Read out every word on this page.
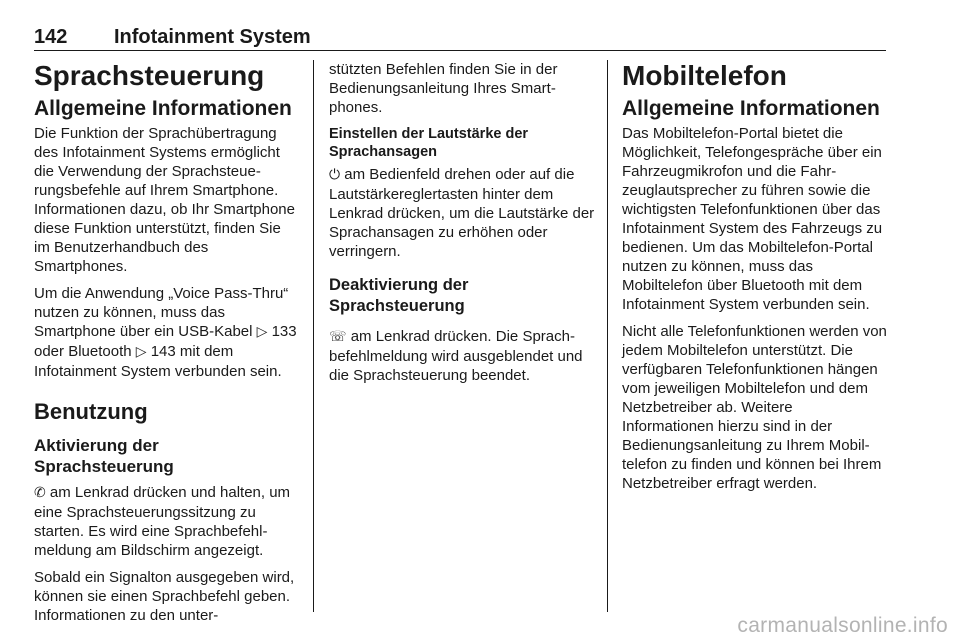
142 Infotainment System
Sprachsteuerung
Allgemeine Informationen

Die Funktion der Sprachübertragung des Infotainment Systems ermöglicht die Verwendung der Sprachsteuerungsbefehle auf Ihrem Smartphone. Informationen dazu, ob Ihr Smartphone diese Funktion unterstützt, finden Sie im Benutzerhandbuch des Smartphones.

Um die Anwendung „Voice Pass-Thru“ nutzen zu können, muss das Smartphone über ein USB-Kabel ▷ 133 oder Bluetooth ▷ 143 mit dem Infotainment System verbunden sein.

Benutzung
Aktivierung der Sprachsteuerung

✆ am Lenkrad drücken und halten, um eine Sprachsteuerungssitzung zu starten. Es wird eine Sprachbefehlmeldung am Bildschirm angezeigt.

Sobald ein Signalton ausgegeben wird, können sie einen Sprachbefehl geben. Informationen zu den unter-

stützten Befehlen finden Sie in der Bedienungsanleitung Ihres Smartphones.

Einstellen der Lautstärke der Sprachansagen

⏻ am Bedienfeld drehen oder auf die Lautstärkereglertasten hinter dem Lenkrad drücken, um die Lautstärke der Sprachansagen zu erhöhen oder verringern.

Deaktivierung der Sprachsteuerung

☏ am Lenkrad drücken. Die Sprachbefehlmeldung wird ausgeblendet und die Sprachsteuerung beendet.

Mobiltelefon
Allgemeine Informationen

Das Mobiltelefon-Portal bietet die Möglichkeit, Telefongespräche über ein Fahrzeugmikrofon und die Fahrzeuglautsprecher zu führen sowie die wichtigsten Telefonfunktionen über das Infotainment System des Fahrzeugs zu bedienen. Um das Mobiltelefon-Portal nutzen zu können, muss das Mobiltelefon über Bluetooth mit dem Infotainment System verbunden sein.

Nicht alle Telefonfunktionen werden von jedem Mobiltelefon unterstützt. Die verfügbaren Telefonfunktionen hängen vom jeweiligen Mobiltelefon und dem Netzbetreiber ab. Weitere Informationen hierzu sind in der Bedienungsanleitung zu Ihrem Mobiltelefon zu finden und können bei Ihrem Netzbetreiber erfragt werden.

carmanualsonline.info
